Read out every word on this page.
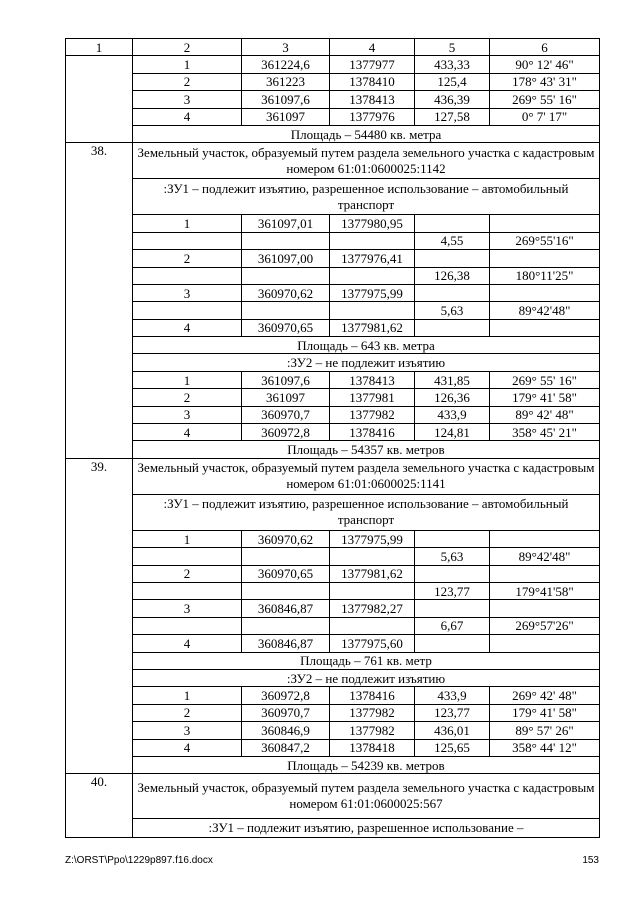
1	2	3	4	5	6
	1	361224,6	1377977	433,33	90° 12' 46"
	2	361223	1378410	125,4	178° 43' 31"
	3	361097,6	1378413	436,39	269° 55' 16"
	4	361097	1377976	127,58	0° 7' 17"
	Площадь – 54480 кв. метра				
38.	Земельный участок, образуемый путем раздела земельного участка с кадастровым номером 61:01:0600025:1142				
	:ЗУ1 – подлежит изъятию, разрешенное использование – автомобильный транспорт				
	1	361097,01	1377980,95		
				4,55	269°55'16"
	2	361097,00	1377976,41		
				126,38	180°11'25"
	3	360970,62	1377975,99		
				5,63	89°42'48"
	4	360970,65	1377981,62		
	Площадь – 643 кв. метра				
	:ЗУ2 – не подлежит изъятию				
	1	361097,6	1378413	431,85	269° 55' 16"
	2	361097	1377981	126,36	179° 41' 58"
	3	360970,7	1377982	433,9	89° 42' 48"
	4	360972,8	1378416	124,81	358° 45' 21"
	Площадь – 54357 кв. метров				
39.	Земельный участок, образуемый путем раздела земельного участка с кадастровым номером 61:01:0600025:1141				
	:ЗУ1 – подлежит изъятию, разрешенное использование – автомобильный транспорт				
	1	360970,62	1377975,99		
				5,63	89°42'48"
	2	360970,65	1377981,62		
				123,77	179°41'58"
	3	360846,87	1377982,27		
				6,67	269°57'26"
	4	360846,87	1377975,60		
	Площадь – 761 кв. метр				
	:ЗУ2 – не подлежит изъятию				
	1	360972,8	1378416	433,9	269° 42' 48"
	2	360970,7	1377982	123,77	179° 41' 58"
	3	360846,9	1377982	436,01	89° 57' 26"
	4	360847,2	1378418	125,65	358° 44' 12"
	Площадь – 54239 кв. метров				
40.	Земельный участок, образуемый путем раздела земельного участка с кадастровым номером 61:01:0600025:567				
	:ЗУ1 – подлежит изъятию, разрешенное использование –				
Z:\ORST\Ppo\1229p897.f16.docx	153
